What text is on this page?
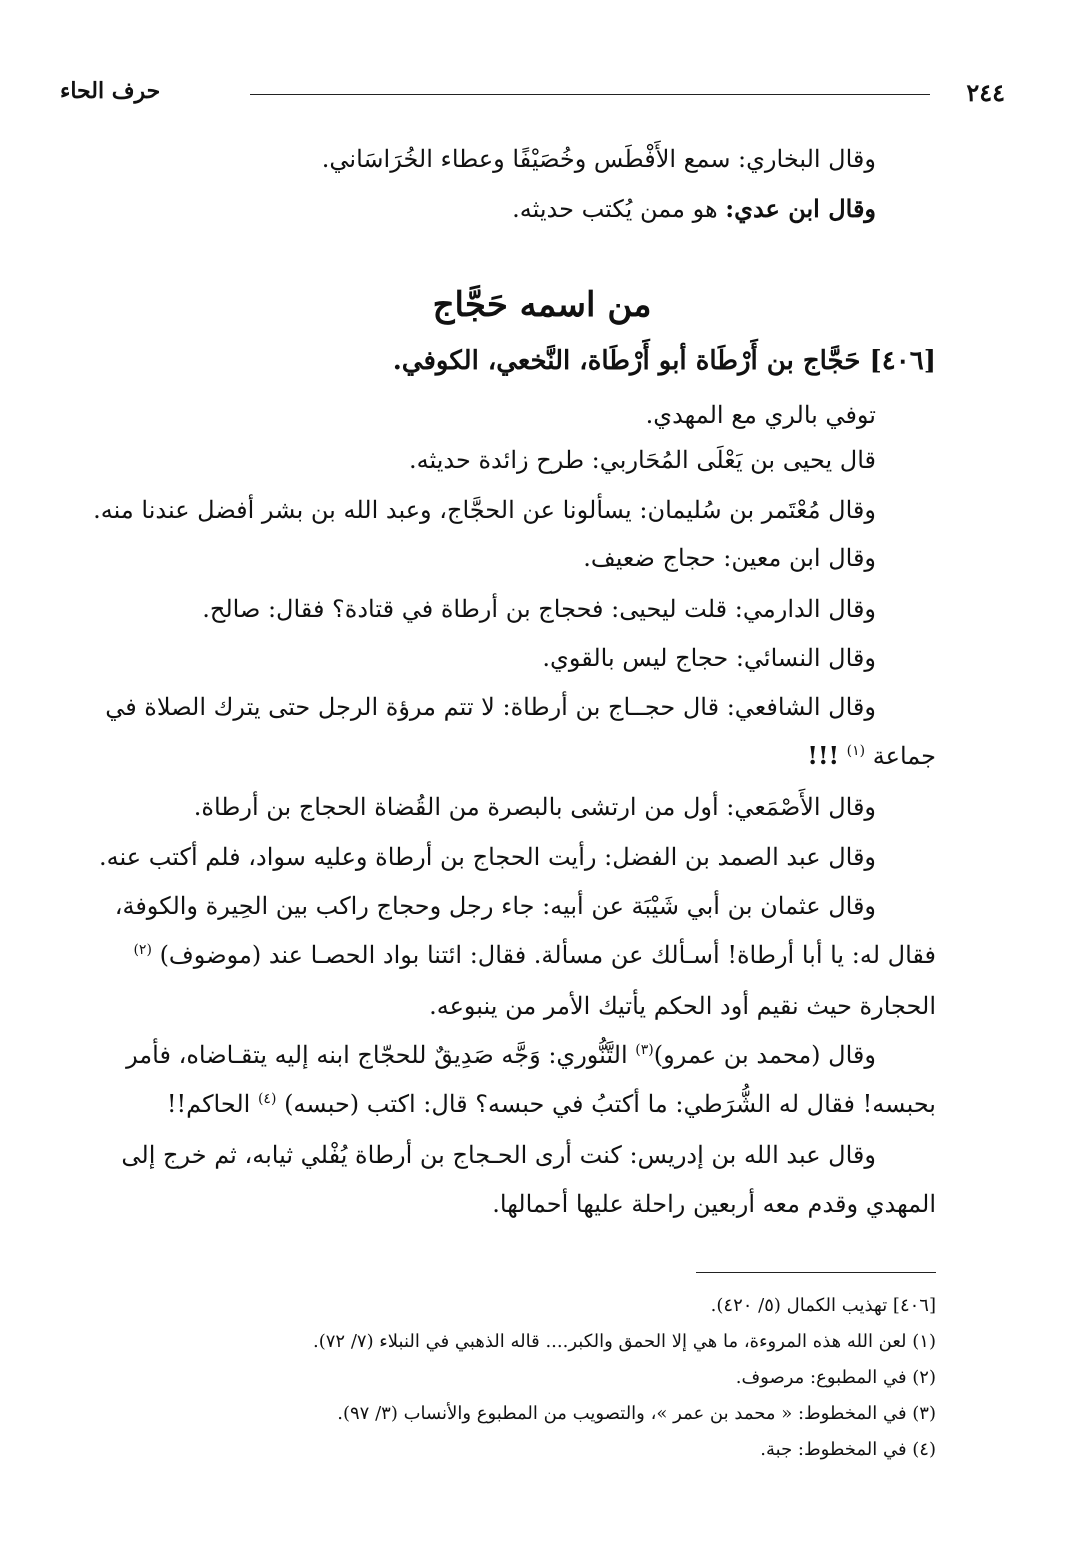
٢٤٤
حرف الحاء
وقال البخاري: سمع الأَفْطَس وخُصَيْفًا وعطاء الخُرَاسَاني.
وقال ابن عدي: هو ممن يُكتب حديثه.
من اسمه حَجَّاج
[٤٠٦] حَجَّاج بن أَرْطَاة أبو أَرْطَاة، النَّخعي، الكوفي.
توفي بالري مع المهدي.
قال يحيى بن يَعْلَى المُحَاربي: طرح زائدة حديثه.
وقال مُعْتَمر بن سُليمان: يسألونا عن الحجَّاج، وعبد الله بن بشر أفضل عندنا منه.
وقال ابن معين: حجاج ضعيف.
وقال الدارمي: قلت ليحيى: فحجاج بن أرطاة في قتادة؟ فقال: صالح.
وقال النسائي: حجاج ليس بالقوي.
وقال الشافعي: قال حجــاج بن أرطاة: لا تتم مرؤة الرجل حتى يترك الصلاة في
جماعة $^{(١)}$ !!!
وقال الأَصْمَعي: أول من ارتشى بالبصرة من القُضاة الحجاج بن أرطاة.
وقال عبد الصمد بن الفضل: رأيت الحجاج بن أرطاة وعليه سواد، فلم أكتب عنه.
وقال عثمان بن أبي شَيْبَة عن أبيه: جاء رجل وحجاج راكب بين الحِيرة والكوفة،
فقال له: يا أبا أرطاة! أسـألك عن مسألة. فقال: ائتنا بواد الحصـا عند (موضوف) $^{(٢)}$
الحجارة حيث نقيم أود الحكم يأتيك الأمر من ينبوعه.
وقال (محمد بن عمرو)$^{(٣)}$ التَّنُّوري: وَجَّه صَدِيقٌ للحجّاج ابنه إليه يتقـاضاه، فأمر
بحبسه! فقال له الشُّرَطي: ما أكتبُ في حبسه؟ قال: اكتب (حبسه) $^{(٤)}$ الحاكم!!
وقال عبد الله بن إدريس: كنت أرى الحـجاج بن أرطاة يُفْلي ثيابه، ثم خرج إلى
المهدي وقدم معه أربعين راحلة عليها أحمالها.
[٤٠٦] تهذيب الكمال (٥/ ٤٢٠).
(١) لعن الله هذه المروءة، ما هي إلا الحمق والكبر.... قاله الذهبي في النبلاء (٧/ ٧٢).
(٢) في المطبوع: مرصوف.
(٣) في المخطوط: « محمد بن عمر »، والتصويب من المطبوع والأنساب (٣/ ٩٧).
(٤) في المخطوط: جبة.
